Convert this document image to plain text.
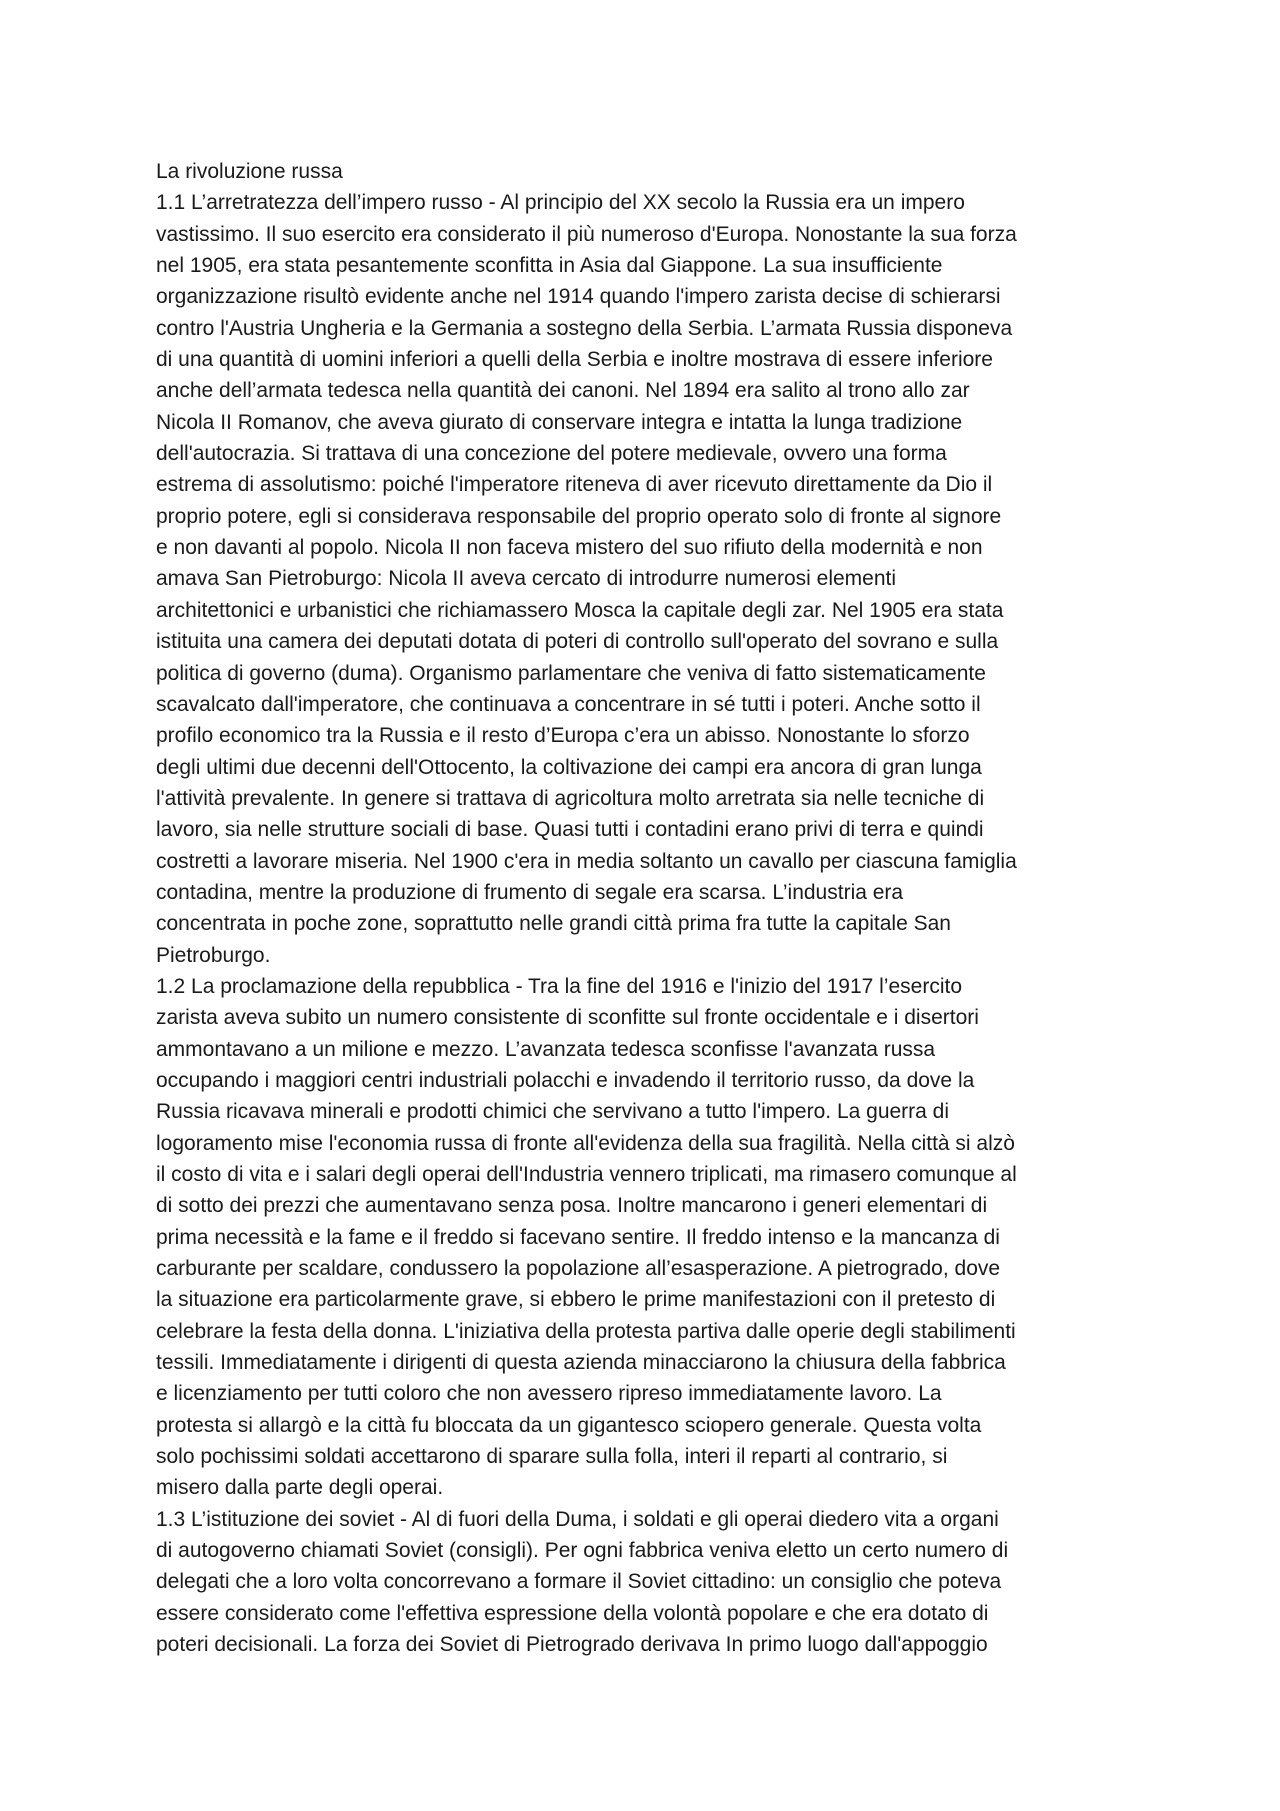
La rivoluzione russa
1.1 L’arretratezza dell’impero russo - Al principio del XX secolo la Russia era un impero
vastissimo. Il suo esercito era considerato il più numeroso d'Europa. Nonostante la sua forza
nel 1905, era stata pesantemente sconfitta in Asia dal Giappone. La sua insufficiente
organizzazione risultò evidente anche nel 1914 quando l'impero zarista decise di schierarsi
contro l'Austria Ungheria e la Germania a sostegno della Serbia. L’armata Russia disponeva
di una quantità di uomini inferiori a quelli della Serbia e inoltre mostrava di essere inferiore
anche dell’armata tedesca nella quantità dei canoni. Nel 1894 era salito al trono allo zar
Nicola II Romanov, che aveva giurato di conservare integra e intatta la lunga tradizione
dell'autocrazia. Si trattava di una concezione del potere medievale, ovvero una forma
estrema di assolutismo: poiché l'imperatore riteneva di aver ricevuto direttamente da Dio il
proprio potere, egli si considerava responsabile del proprio operato solo di fronte al signore
e non davanti al popolo. Nicola II non faceva mistero del suo rifiuto della modernità e non
amava San Pietroburgo: Nicola II aveva cercato di introdurre numerosi elementi
architettonici e urbanistici che richiamassero Mosca la capitale degli zar. Nel 1905 era stata
istituita una camera dei deputati dotata di poteri di controllo sull'operato del sovrano e sulla
politica di governo (duma). Organismo parlamentare che veniva di fatto sistematicamente
scavalcato dall'imperatore, che continuava a concentrare in sé tutti i poteri. Anche sotto il
profilo economico tra la Russia e il resto d’Europa c’era un abisso. Nonostante lo sforzo
degli ultimi due decenni dell'Ottocento, la coltivazione dei campi era ancora di gran lunga
l'attività prevalente. In genere si trattava di agricoltura molto arretrata sia nelle tecniche di
lavoro, sia nelle strutture sociali di base. Quasi tutti i contadini erano privi di terra e quindi
costretti a lavorare miseria. Nel 1900 c'era in media soltanto un cavallo per ciascuna famiglia
contadina, mentre la produzione di frumento di segale era scarsa. L’industria era
concentrata in poche zone, soprattutto nelle grandi città prima fra tutte la capitale San
Pietroburgo.
1.2 La proclamazione della repubblica - Tra la fine del 1916 e l'inizio del 1917 l’esercito
zarista aveva subito un numero consistente di sconfitte sul fronte occidentale e i disertori
ammontavano a un milione e mezzo. L’avanzata tedesca sconfisse l'avanzata russa
occupando i maggiori centri industriali polacchi e invadendo il territorio russo, da dove la
Russia ricavava minerali e prodotti chimici che servivano a tutto l'impero. La guerra di
logoramento mise l'economia russa di fronte all'evidenza della sua fragilità. Nella città si alzò
il costo di vita e i salari degli operai dell'Industria vennero triplicati, ma rimasero comunque al
di sotto dei prezzi che aumentavano senza posa. Inoltre mancarono i generi elementari di
prima necessità e la fame e il freddo si facevano sentire. Il freddo intenso e la mancanza di
carburante per scaldare, condussero la popolazione all’esasperazione. A pietrogrado, dove
la situazione era particolarmente grave, si ebbero le prime manifestazioni con il pretesto di
celebrare la festa della donna. L'iniziativa della protesta partiva dalle operie degli stabilimenti
tessili. Immediatamente i dirigenti di questa azienda minacciarono la chiusura della fabbrica
e licenziamento per tutti coloro che non avessero ripreso immediatamente lavoro. La
protesta si allargò e la città fu bloccata da un gigantesco sciopero generale. Questa volta
solo pochissimi soldati accettarono di sparare sulla folla, interi il reparti al contrario, si
misero dalla parte degli operai.
1.3 L’istituzione dei soviet - Al di fuori della Duma, i soldati e gli operai diedero vita a organi
di autogoverno chiamati Soviet (consigli). Per ogni fabbrica veniva eletto un certo numero di
delegati che a loro volta concorrevano a formare il Soviet cittadino: un consiglio che poteva
essere considerato come l'effettiva espressione della volontà popolare e che era dotato di
poteri decisionali. La forza dei Soviet di Pietrogrado derivava In primo luogo dall'appoggio
